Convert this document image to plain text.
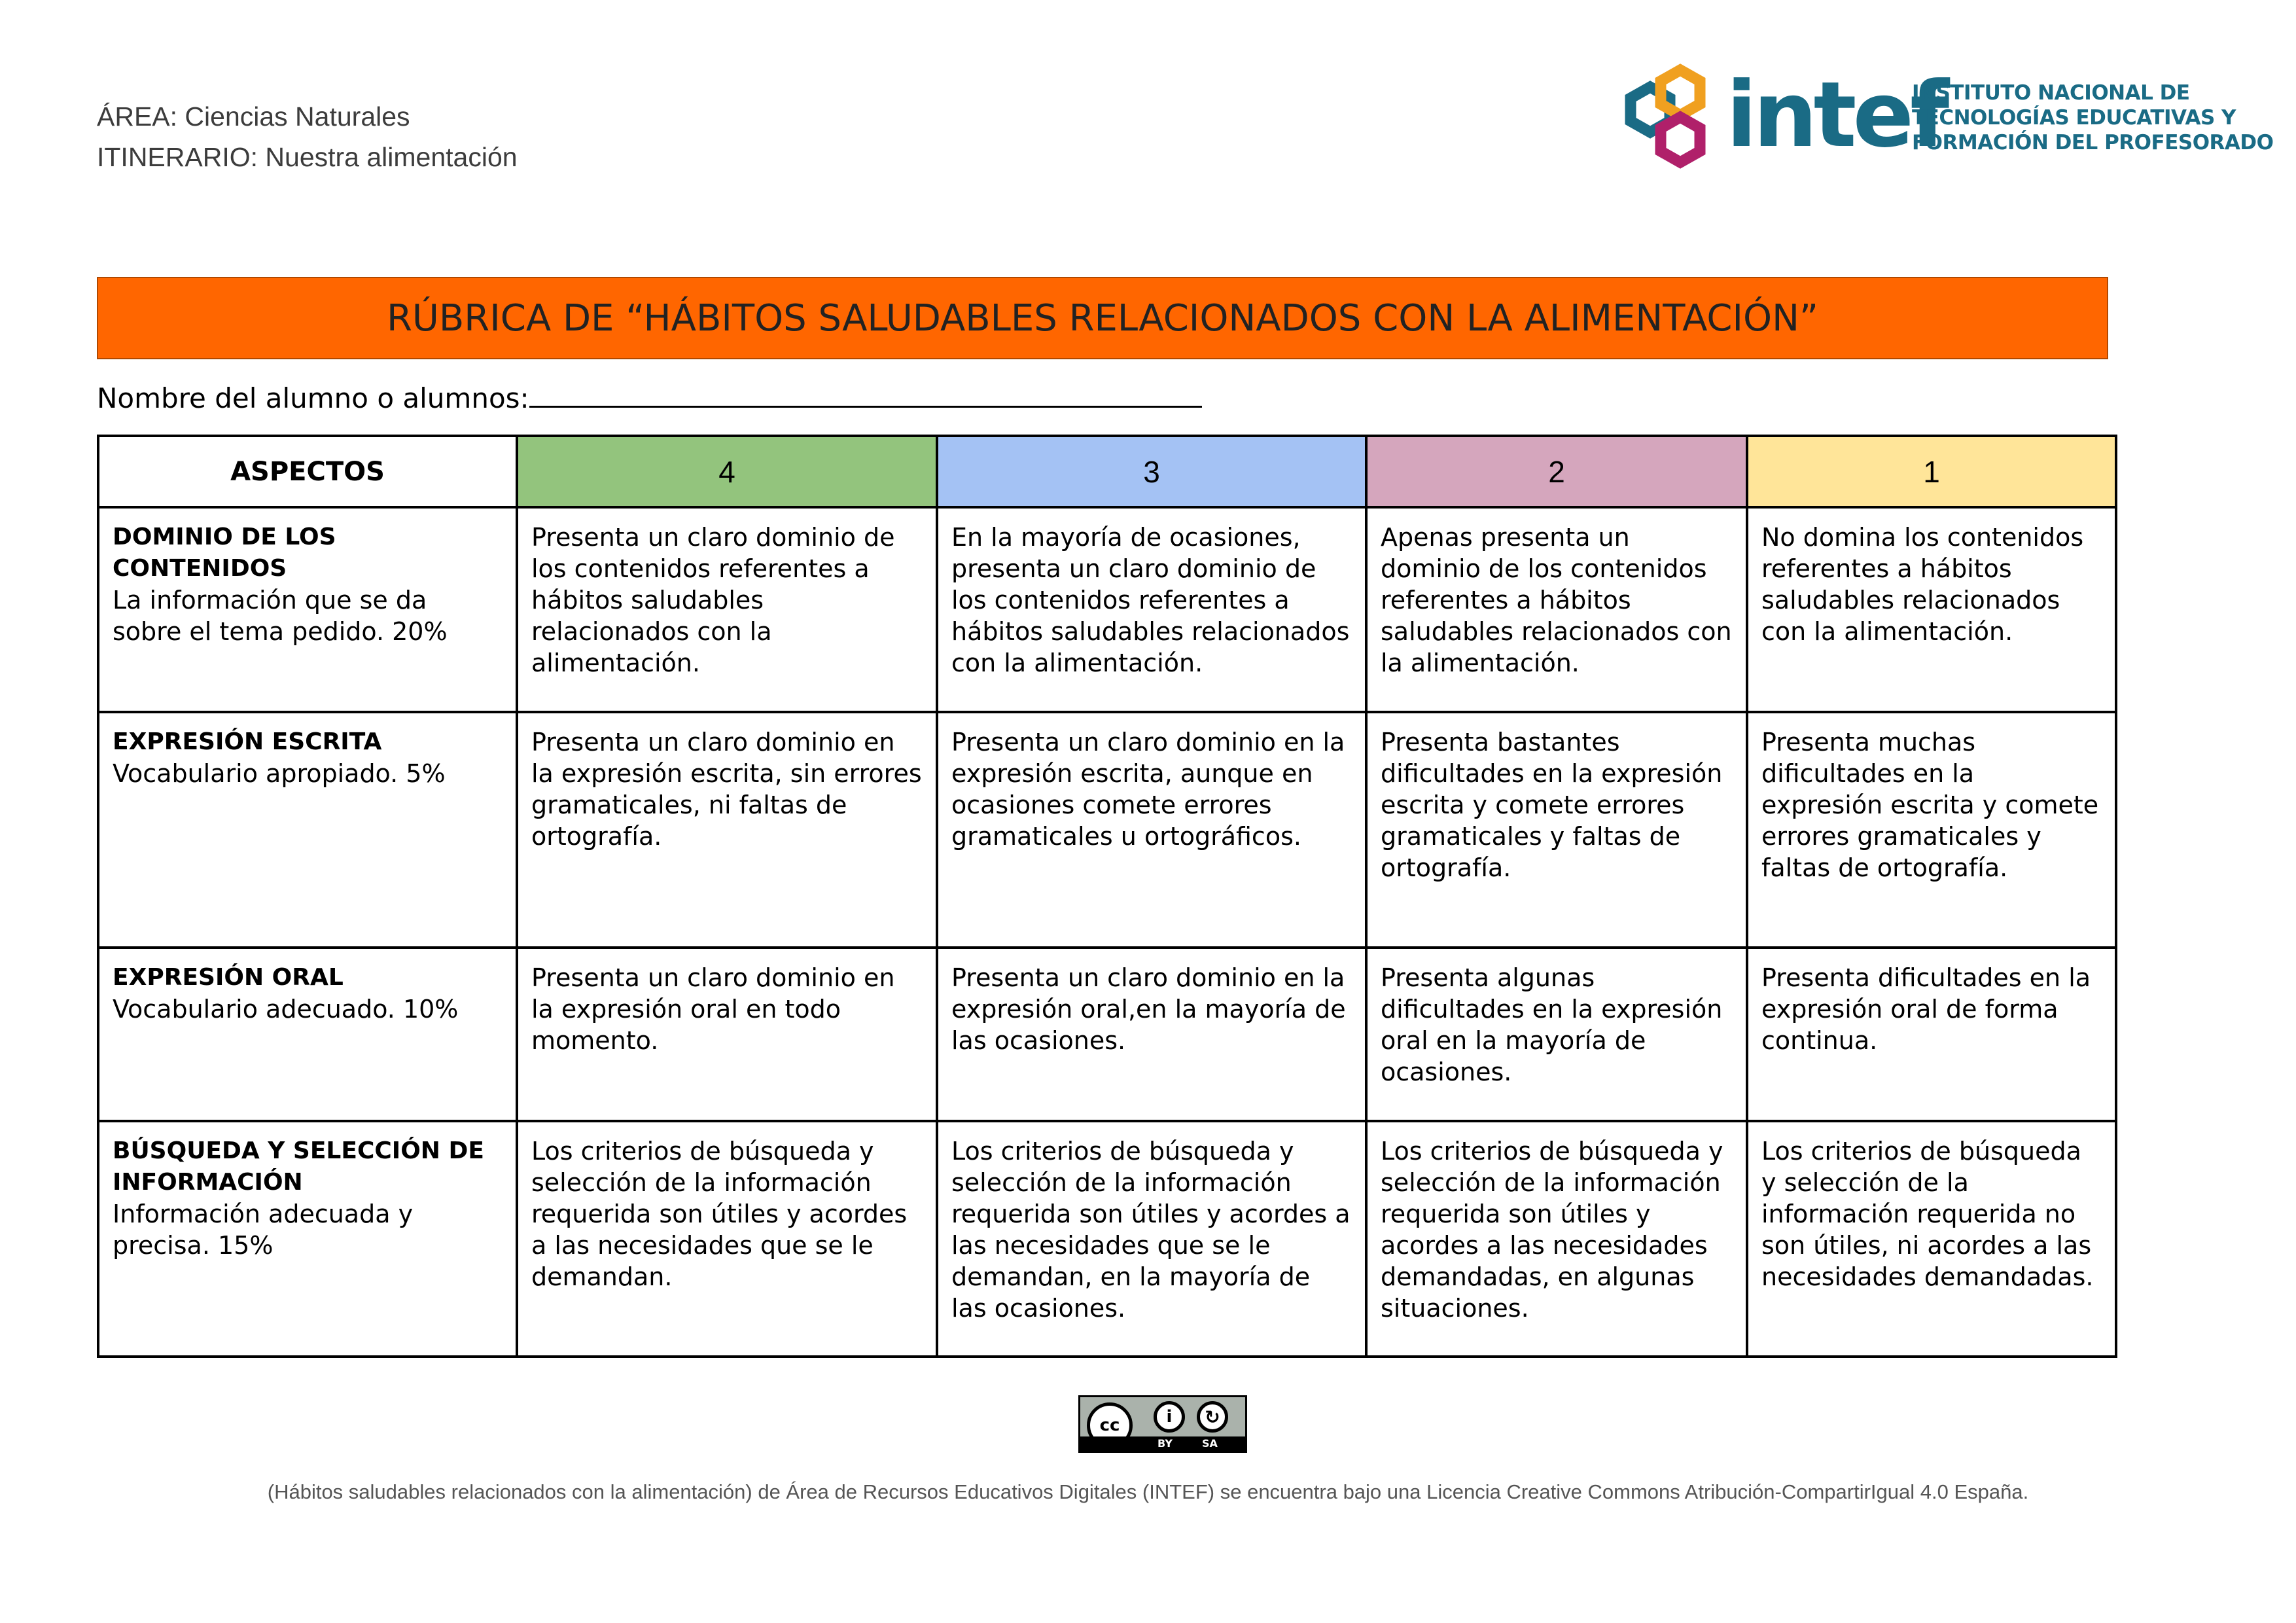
ÁREA: Ciencias Naturales
ITINERARIO: Nuestra alimentación	intef
INSTITUTO NACIONAL DE
TECNOLOGÍAS EDUCATIVAS Y
FORMACIÓN DEL PROFESORADO
RÚBRICA DE “HÁBITOS SALUDABLES RELACIONADOS CON LA ALIMENTACIÓN”
Nombre del alumno o alumnos:
ASPECTOS	4	3	2	1

DOMINIO DE LOS CONTENIDOS
La información que se da sobre el tema pedido. 20%	Presenta un claro dominio de los contenidos referentes a hábitos saludables relacionados con la alimentación.	En la mayoría de ocasiones, presenta un claro dominio de los contenidos referentes a hábitos saludables relacionados con la alimentación.	Apenas presenta un dominio de los contenidos referentes a hábitos saludables relacionados con la alimentación.	No domina los contenidos referentes a hábitos saludables relacionados con la alimentación.

EXPRESIÓN ESCRITA
Vocabulario apropiado. 5%	Presenta un claro dominio en la expresión escrita, sin errores gramaticales, ni faltas de ortografía.	Presenta un claro dominio en la expresión escrita, aunque en ocasiones comete errores gramaticales u ortográficos.	Presenta bastantes dificultades en la expresión escrita y comete errores gramaticales y faltas de ortografía.	Presenta muchas dificultades en la expresión escrita y comete errores gramaticales y faltas de ortografía.

EXPRESIÓN ORAL
Vocabulario adecuado. 10%	Presenta un claro dominio en la expresión oral en todo momento.	Presenta un claro dominio en la expresión oral,en la mayoría de las ocasiones.	Presenta algunas dificultades en la expresión oral en la mayoría de ocasiones.	Presenta dificultades en la expresión oral de forma continua.

BÚSQUEDA Y SELECCIÓN DE INFORMACIÓN
Información adecuada y precisa. 15%	Los criterios de búsqueda y selección de la información requerida son útiles y acordes a las necesidades que se le demandan.	Los criterios de búsqueda y selección de la información requerida son útiles y acordes a las necesidades que se le demandan, en la mayoría de las ocasiones.	Los criterios de búsqueda y selección de la información requerida son útiles y acordes a las necesidades demandadas, en algunas situaciones.	Los criterios de búsqueda y selección de la información requerida no son útiles, ni acordes a las necesidades demandadas.
cc	i	↻
BY	SA
(Hábitos saludables relacionados con la alimentación) de Área de Recursos Educativos Digitales (INTEF) se encuentra bajo una Licencia Creative Commons Atribución-CompartirIgual 4.0 España.
